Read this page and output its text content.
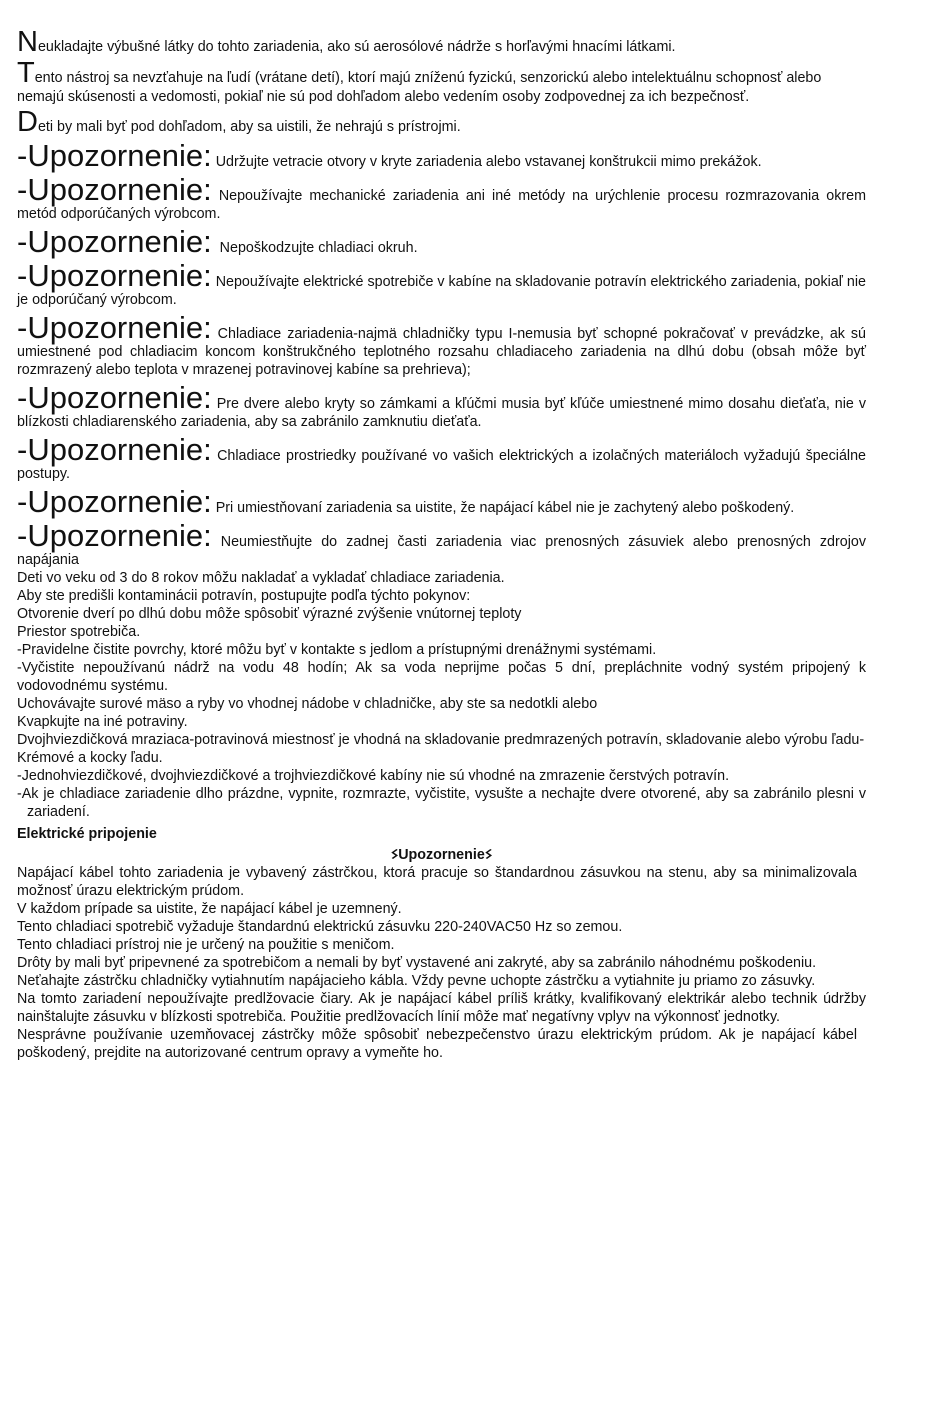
Neukladajte výbušné látky do tohto zariadenia, ako sú aerosólové nádrže s horľavými hnacími látkami.

Tento nástroj sa nevzťahuje na ľudí (vrátane detí), ktorí majú zníženú fyzickú, senzorickú alebo intelektuálnu schopnosť alebo nemajú skúsenosti a vedomosti, pokiaľ nie sú pod dohľadom alebo vedením osoby zodpovednej za ich bezpečnosť.

Deti by mali byť pod dohľadom, aby sa uistili, že nehrajú s prístrojmi.

-Upozornenie: Udržujte vetracie otvory v kryte zariadenia alebo vstavanej konštrukcii mimo prekážok.

-Upozornenie: Nepoužívajte mechanické zariadenia ani iné metódy na urýchlenie procesu rozmrazovania okrem metód odporúčaných výrobcom.

-Upozornenie: Nepoškodzujte chladiaci okruh.

-Upozornenie: Nepoužívajte elektrické spotrebiče v kabíne na skladovanie potravín elektrického zariadenia, pokiaľ nie je odporúčaný výrobcom.

-Upozornenie: Chladiace zariadenia-najmä chladničky typu I-nemusia byť schopné pokračovať v prevádzke, ak sú umiestnené pod chladiacim koncom konštrukčného teplotného rozsahu chladiaceho zariadenia na dlhú dobu (obsah môže byť rozmrazený alebo teplota v mrazenej potravinovej kabíne sa prehrieva);

-Upozornenie: Pre dvere alebo kryty so zámkami a kľúčmi musia byť kľúče umiestnené mimo dosahu dieťaťa, nie v blízkosti chladiarenského zariadenia, aby sa zabránilo zamknutiu dieťaťa.

-Upozornenie: Chladiace prostriedky používané vo vašich elektrických a izolačných materiáloch vyžadujú špeciálne postupy.

-Upozornenie: Pri umiestňovaní zariadenia sa uistite, že napájací kábel nie je zachytený alebo poškodený.

-Upozornenie: Neumiestňujte do zadnej časti zariadenia viac prenosných zásuviek alebo prenosných zdrojov napájania

Deti vo veku od 3 do 8 rokov môžu nakladať a vykladať chladiace zariadenia.

Aby ste predišli kontaminácii potravín, postupujte podľa týchto pokynov:

Otvorenie dverí po dlhú dobu môže spôsobiť výrazné zvýšenie vnútornej teploty

Priestor spotrebiča.

-Pravidelne čistite povrchy, ktoré môžu byť v kontakte s jedlom a prístupnými drenážnymi systémami.

-Vyčistite nepoužívanú nádrž na vodu 48 hodín; Ak sa voda neprijme počas 5 dní, prepláchnite vodný systém pripojený k vodovodnému systému.

Uchovávajte surové mäso a ryby vo vhodnej nádobe v chladničke, aby ste sa nedotkli alebo

Kvapkujte na iné potraviny.

Dvojhviezdičková mraziaca-potravinová miestnosť je vhodná na skladovanie predmrazených potravín, skladovanie alebo výrobu ľadu-

Krémové a kocky ľadu.

-Jednohviezdičkové, dvojhviezdičkové a trojhviezdičkové kabíny nie sú vhodné na zmrazenie čerstvých potravín.

-Ak je chladiace zariadenie dlho prázdne, vypnite, rozmrazte, vyčistite, vysušte a nechajte dvere otvorené, aby sa zabránilo plesni v zariadení.

Elektrické pripojenie

ϟUpozornenieϟ

Napájací kábel tohto zariadenia je vybavený zástrčkou, ktorá pracuje so štandardnou zásuvkou na stenu, aby sa minimalizovala možnosť úrazu elektrickým prúdom.

V každom prípade sa uistite, že napájací kábel je uzemnený.

Tento chladiaci spotrebič vyžaduje štandardnú elektrickú zásuvku 220-240VAC50 Hz so zemou.

Tento chladiaci prístroj nie je určený na použitie s meničom.

Drôty by mali byť pripevnené za spotrebičom a nemali by byť vystavené ani zakryté, aby sa zabránilo náhodnému poškodeniu.

Neťahajte zástrčku chladničky vytiahnutím napájacieho kábla. Vždy pevne uchopte zástrčku a vytiahnite ju priamo zo zásuvky.

Na tomto zariadení nepoužívajte predlžovacie čiary. Ak je napájací kábel príliš krátky, kvalifikovaný elektrikár alebo technik údržby nainštalujte zásuvku v blízkosti spotrebiča. Použitie predlžovacích línií môže mať negatívny vplyv na výkonnosť jednotky.

Nesprávne používanie uzemňovacej zástrčky môže spôsobiť nebezpečenstvo úrazu elektrickým prúdom. Ak je napájací kábel poškodený, prejdite na autorizované centrum opravy a vymeňte ho.
